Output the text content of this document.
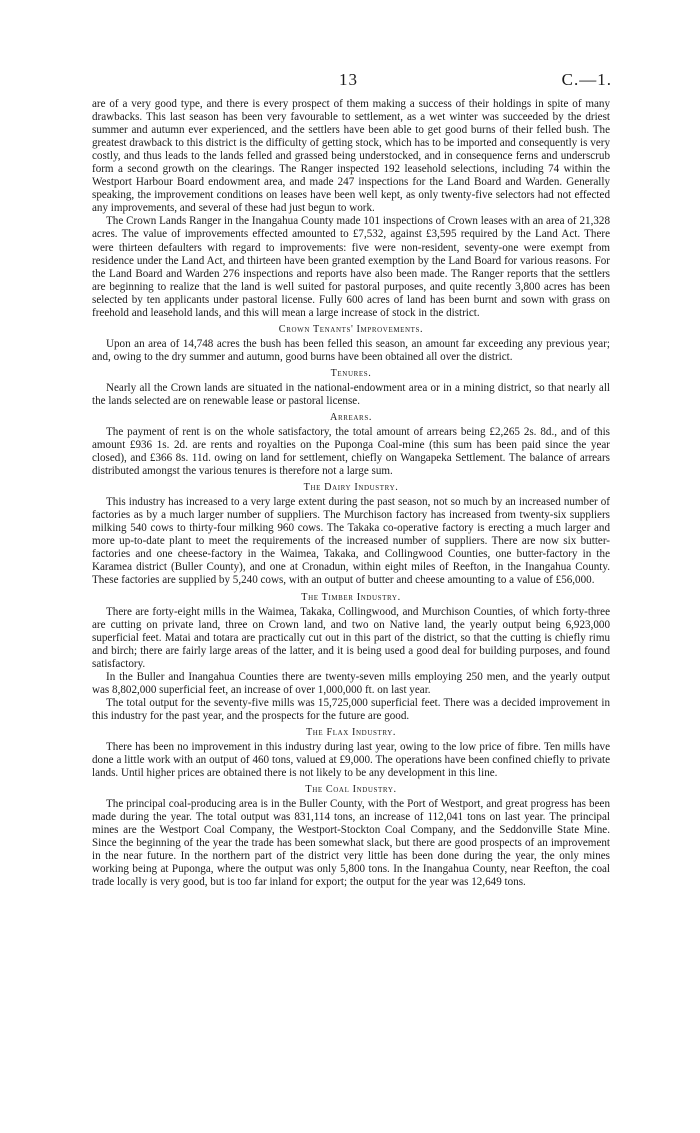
13	C.—1.

are of a very good type, and there is every prospect of them making a success of their holdings in spite of many drawbacks. This last season has been very favourable to settlement, as a wet winter was succeeded by the driest summer and autumn ever experienced, and the settlers have been able to get good burns of their felled bush. The greatest drawback to this district is the difficulty of getting stock, which has to be imported and consequently is very costly, and thus leads to the lands felled and grassed being understocked, and in consequence ferns and underscrub form a second growth on the clearings. The Ranger inspected 192 leasehold selections, including 74 within the Westport Harbour Board endowment area, and made 247 inspections for the Land Board and Warden. Generally speaking, the improvement conditions on leases have been well kept, as only twenty-five selectors had not effected any improvements, and several of these had just begun to work.

The Crown Lands Ranger in the Inangahua County made 101 inspections of Crown leases with an area of 21,328 acres. The value of improvements effected amounted to £7,532, against £3,595 required by the Land Act. There were thirteen defaulters with regard to improvements: five were non-resident, seventy-one were exempt from residence under the Land Act, and thirteen have been granted exemption by the Land Board for various reasons. For the Land Board and Warden 276 inspections and reports have also been made. The Ranger reports that the settlers are beginning to realize that the land is well suited for pastoral purposes, and quite recently 3,800 acres has been selected by ten applicants under pastoral license. Fully 600 acres of land has been burnt and sown with grass on freehold and leasehold lands, and this will mean a large increase of stock in the district.

Crown Tenants' Improvements.

Upon an area of 14,748 acres the bush has been felled this season, an amount far exceeding any previous year; and, owing to the dry summer and autumn, good burns have been obtained all over the district.

Tenures.

Nearly all the Crown lands are situated in the national-endowment area or in a mining district, so that nearly all the lands selected are on renewable lease or pastoral license.

Arrears.

The payment of rent is on the whole satisfactory, the total amount of arrears being £2,265 2s. 8d., and of this amount £936 1s. 2d. are rents and royalties on the Puponga Coal-mine (this sum has been paid since the year closed), and £366 8s. 11d. owing on land for settlement, chiefly on Wangapeka Settlement. The balance of arrears distributed amongst the various tenures is therefore not a large sum.

The Dairy Industry.

This industry has increased to a very large extent during the past season, not so much by an increased number of factories as by a much larger number of suppliers. The Murchison factory has increased from twenty-six suppliers milking 540 cows to thirty-four milking 960 cows. The Takaka co-operative factory is erecting a much larger and more up-to-date plant to meet the requirements of the increased number of suppliers. There are now six butter-factories and one cheese-factory in the Waimea, Takaka, and Collingwood Counties, one butter-factory in the Karamea district (Buller County), and one at Cronadun, within eight miles of Reefton, in the Inangahua County. These factories are supplied by 5,240 cows, with an output of butter and cheese amounting to a value of £56,000.

The Timber Industry.

There are forty-eight mills in the Waimea, Takaka, Collingwood, and Murchison Counties, of which forty-three are cutting on private land, three on Crown land, and two on Native land, the yearly output being 6,923,000 superficial feet. Matai and totara are practically cut out in this part of the district, so that the cutting is chiefly rimu and birch; there are fairly large areas of the latter, and it is being used a good deal for building purposes, and found satisfactory.

In the Buller and Inangahua Counties there are twenty-seven mills employing 250 men, and the yearly output was 8,802,000 superficial feet, an increase of over 1,000,000 ft. on last year.

The total output for the seventy-five mills was 15,725,000 superficial feet. There was a decided improvement in this industry for the past year, and the prospects for the future are good.

The Flax Industry.

There has been no improvement in this industry during last year, owing to the low price of fibre. Ten mills have done a little work with an output of 460 tons, valued at £9,000. The operations have been confined chiefly to private lands. Until higher prices are obtained there is not likely to be any development in this line.

The Coal Industry.

The principal coal-producing area is in the Buller County, with the Port of Westport, and great progress has been made during the year. The total output was 831,114 tons, an increase of 112,041 tons on last year. The principal mines are the Westport Coal Company, the Westport-Stockton Coal Company, and the Seddonville State Mine. Since the beginning of the year the trade has been somewhat slack, but there are good prospects of an improvement in the near future. In the northern part of the district very little has been done during the year, the only mines working being at Puponga, where the output was only 5,800 tons. In the Inangahua County, near Reefton, the coal trade locally is very good, but is too far inland for export; the output for the year was 12,649 tons.
